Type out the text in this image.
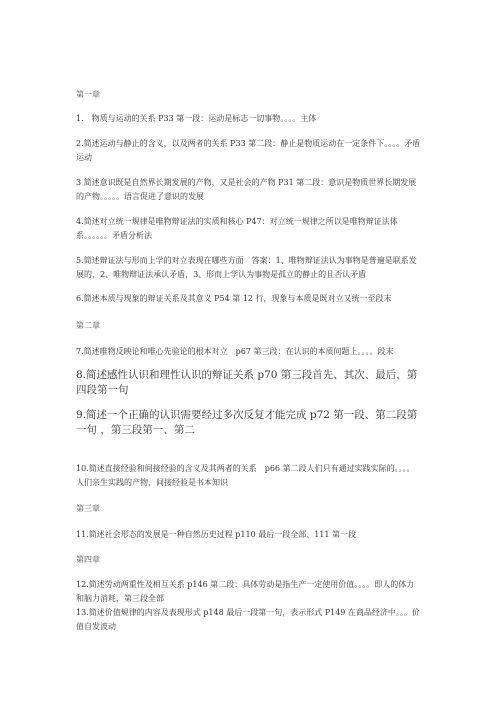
第一章
1.　物质与运动的关系 P33 第一段：运动是标志一切事物。。。。主体
2.简述运动与静止的含义，以及两者的关系 P33 第二段：静止是物质运动在一定条件下。。。。矛盾运动
3 简述意识既是自然界长期发展的产物，又是社会的产物 P31 第二段：意识是物质世界长期发展的产物。。。。。语言促进了意识的发展
4.简述对立统一规律是唯物辩证法的实质和核心 P47：对立统一规律之所以是唯物辩证法体系。。。。。。矛盾分析法
5.简述辩证法与形而上学的对立表现在哪些方面　答案：1、唯物辩证法认为事物是普遍是联系发展的，2、唯物辩证法承认矛盾，3、形而上学认为事物是孤立的静止的且否认矛盾
6.简述本质与现象的辩证关系及其意义 P54 第 12 行，现象与本质是既对立又统一至段末
第二章
7.简述唯物反映论和唯心先验论的根本对立　p67 第三段：在认识的本质问题上。。。。段末
8.简述感性认识和理性认识的辩证关系 p70 第三段首先、其次、最后，第四段第一句
9.简述一个正确的认识需要经过多次反复才能完成 p72 第一段、第二段第一句 ，第三段第一、第二
10.简述直接经验和间接经验的含义及其两者的关系　p66 第二段人们只有通过实践实际的。。。。人们亲生实践的产物，间接经验是书本知识
第三章
11.简述社会形态的发展是一种自然历史过程 p110 最后一段全部、111 第一段
第四章
12.简述劳动两重性及相互关系 p146 第二段：具体劳动是指生产一定使用价值。。。。即人的体力和脑力消耗，第三段全部
13.简述价值规律的内容及表现形式 p148 最后一段第一句，表示形式 P149 在商品经济中。。。价值自发波动
